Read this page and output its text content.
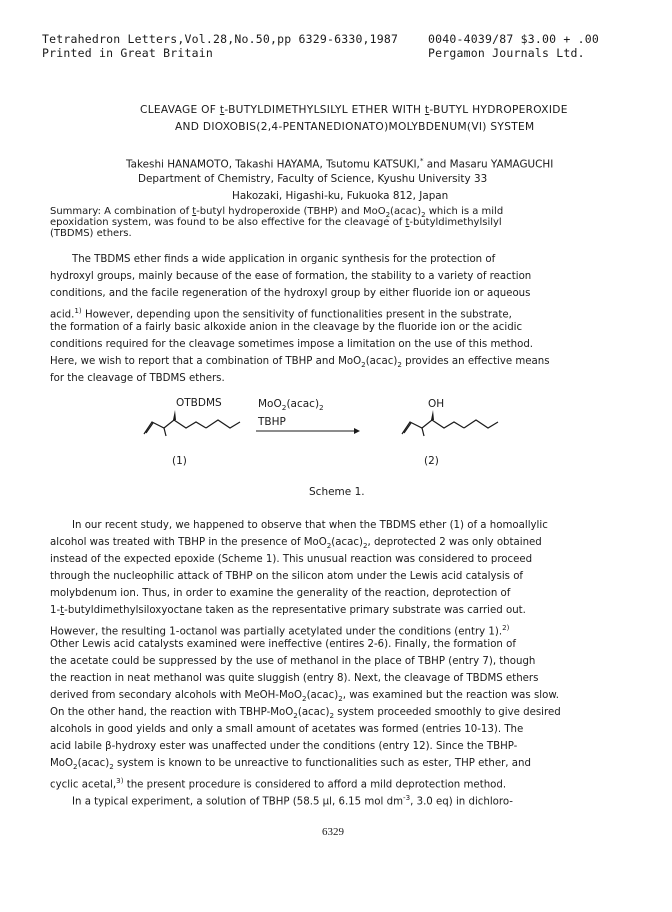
Tetrahedron Letters,Vol.28,No.50,pp 6329-6330,1987	0040-4039/87 $3.00 + .00
Printed in Great Britain	Pergamon Journals Ltd.
CLEAVAGE OF t-BUTYLDIMETHYLSILYL ETHER WITH t-BUTYL HYDROPEROXIDE
AND DIOXOBIS(2,4-PENTANEDIONATO)MOLYBDENUM(VI) SYSTEM
Takeshi HANAMOTO, Takashi HAYAMA, Tsutomu KATSUKI,* and Masaru YAMAGUCHI
Department of Chemistry, Faculty of Science, Kyushu University 33
Hakozaki, Higashi-ku, Fukuoka 812, Japan
Summary: A combination of t-butyl hydroperoxide (TBHP) and $MoO_2(acac)_2$ which is a mild
epoxidation system, was found to be also effective for the cleavage of t-butyldimethylsilyl
(TBDMS) ethers.
The TBDMS ether finds a wide application in organic synthesis for the protection of
hydroxyl groups, mainly because of the ease of formation, the stability to a variety of reaction
conditions, and the facile regeneration of the hydroxyl group by either fluoride ion or aqueous
acid.$^{1)}$ However, depending upon the sensitivity of functionalities present in the substrate,
the formation of a fairly basic alkoxide anion in the cleavage by the fluoride ion or the acidic
conditions required for the cleavage sometimes impose a limitation on the use of this method.
Here, we wish to report that a combination of TBHP and $MoO_2(acac)_2$ provides an effective means
for the cleavage of TBDMS ethers.
OTBDMS	$MoO_2(acac)_2$
TBHP
OH
(1)	(2)
Scheme 1.
In our recent study, we happened to observe that when the TBDMS ether (1) of a homoallylic
alcohol was treated with TBHP in the presence of $MoO_2(acac)_2$, deprotected 2 was only obtained
instead of the expected epoxide (Scheme 1). This unusual reaction was considered to proceed
through the nucleophilic attack of TBHP on the silicon atom under the Lewis acid catalysis of
molybdenum ion. Thus, in order to examine the generality of the reaction, deprotection of
1-t-butyldimethylsiloxyoctane taken as the representative primary substrate was carried out.
However, the resulting 1-octanol was partially acetylated under the conditions (entry 1).$^{2)}$
Other Lewis acid catalysts examined were ineffective (entires 2-6). Finally, the formation of
the acetate could be suppressed by the use of methanol in the place of TBHP (entry 7), though
the reaction in neat methanol was quite sluggish (entry 8). Next, the cleavage of TBDMS ethers
derived from secondary alcohols with MeOH-$MoO_2(acac)_2$, was examined but the reaction was slow.
On the other hand, the reaction with TBHP-$MoO_2(acac)_2$ system proceeded smoothly to give desired
alcohols in good yields and only a small amount of acetates was formed (entries 10-13). The
acid labile β-hydroxy ester was unaffected under the conditions (entry 12). Since the TBHP-
$MoO_2(acac)_2$ system is known to be unreactive to functionalities such as ester, THP ether, and
cyclic acetal,$^{3)}$ the present procedure is considered to afford a mild deprotection method.
In a typical experiment, a solution of TBHP (58.5 μl, 6.15 mol $dm^{-3}$, 3.0 eq) in dichloro-
6329
